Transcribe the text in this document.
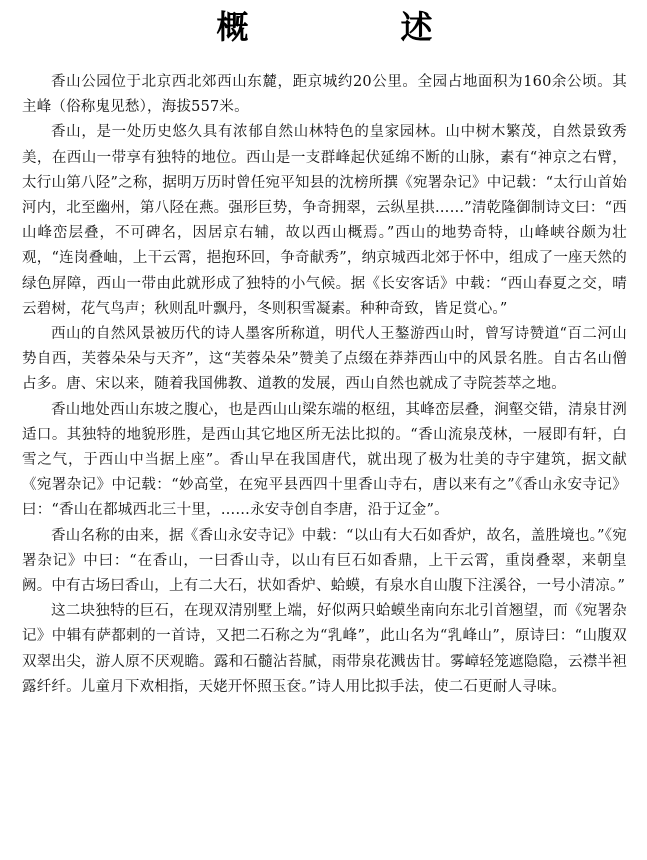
概　述

香山公园位于北京西北郊西山东麓，距京城约20公里。全园占地面积为160余公顷。其主峰（俗称鬼见愁），海拔557米。

香山，是一处历史悠久具有浓郁自然山林特色的皇家园林。山中树木繁茂，自然景致秀美，在西山一带享有独特的地位。西山是一支群峰起伏延绵不断的山脉，素有“神京之右臂，太行山第八陉”之称，据明万历时曾任宛平知县的沈榜所撰《宛署杂记》中记载：“太行山首始河内，北至幽州，第八陉在燕。强形巨势，争奇拥翠，云纵星拱……”清乾隆御制诗文曰：“西山峰峦层叠，不可碑名，因居京右辅，故以西山概焉。”西山的地势奇特，山峰峡谷颇为壮观，“连岗叠岫，上干云霄，挹抱环回，争奇献秀”，纳京城西北郊于怀中，组成了一座天然的绿色屏障，西山一带由此就形成了独特的小气候。据《长安客话》中载：“西山春夏之交，晴云碧树，花气鸟声；秋则乱叶飘丹，冬则积雪凝素。种种奇致，皆足赏心。”

西山的自然风景被历代的诗人墨客所称道，明代人王鏊游西山时，曾写诗赞道“百二河山势自西，芙蓉朵朵与天齐”，这“芙蓉朵朵”赞美了点缀在莽莽西山中的风景名胜。自古名山僧占多。唐、宋以来，随着我国佛教、道教的发展，西山自然也就成了寺院荟萃之地。

香山地处西山东坡之腹心，也是西山山梁东端的枢纽，其峰峦层叠，涧壑交错，清泉甘洌适口。其独特的地貌形胜，是西山其它地区所无法比拟的。“香山流泉茂林，一屐即有轩，白雪之气，于西山中当据上座”。香山早在我国唐代，就出现了极为壮美的寺宇建筑，据文献《宛署杂记》中记载：“妙高堂，在宛平县西四十里香山寺右，唐以来有之”《香山永安寺记》曰：“香山在都城西北三十里，……永安寺创自李唐，沿于辽金”。

香山名称的由来，据《香山永安寺记》中载：“以山有大石如香炉，故名，盖胜境也。”《宛署杂记》中曰：“在香山，一曰香山寺，以山有巨石如香鼎，上干云霄，重岗叠翠，来朝皇阙。中有古场曰香山，上有二大石，状如香炉、蛤蟆，有泉水自山腹下注溪谷，一号小清凉。”

这二块独特的巨石，在现双清别墅上端，好似两只蛤蟆坐南向东北引首翘望，而《宛署杂记》中辑有萨都剌的一首诗，又把二石称之为“乳峰”，此山名为“乳峰山”，原诗曰：“山腹双双翠出尖，游人原不厌观瞻。露和石髓沾苔腻，雨带泉花溅齿甘。雾嶂轻笼遮隐隐，云襟半袒露纤纤。儿童月下欢相指，天姥开怀照玉奁。”诗人用比拟手法，使二石更耐人寻味。
